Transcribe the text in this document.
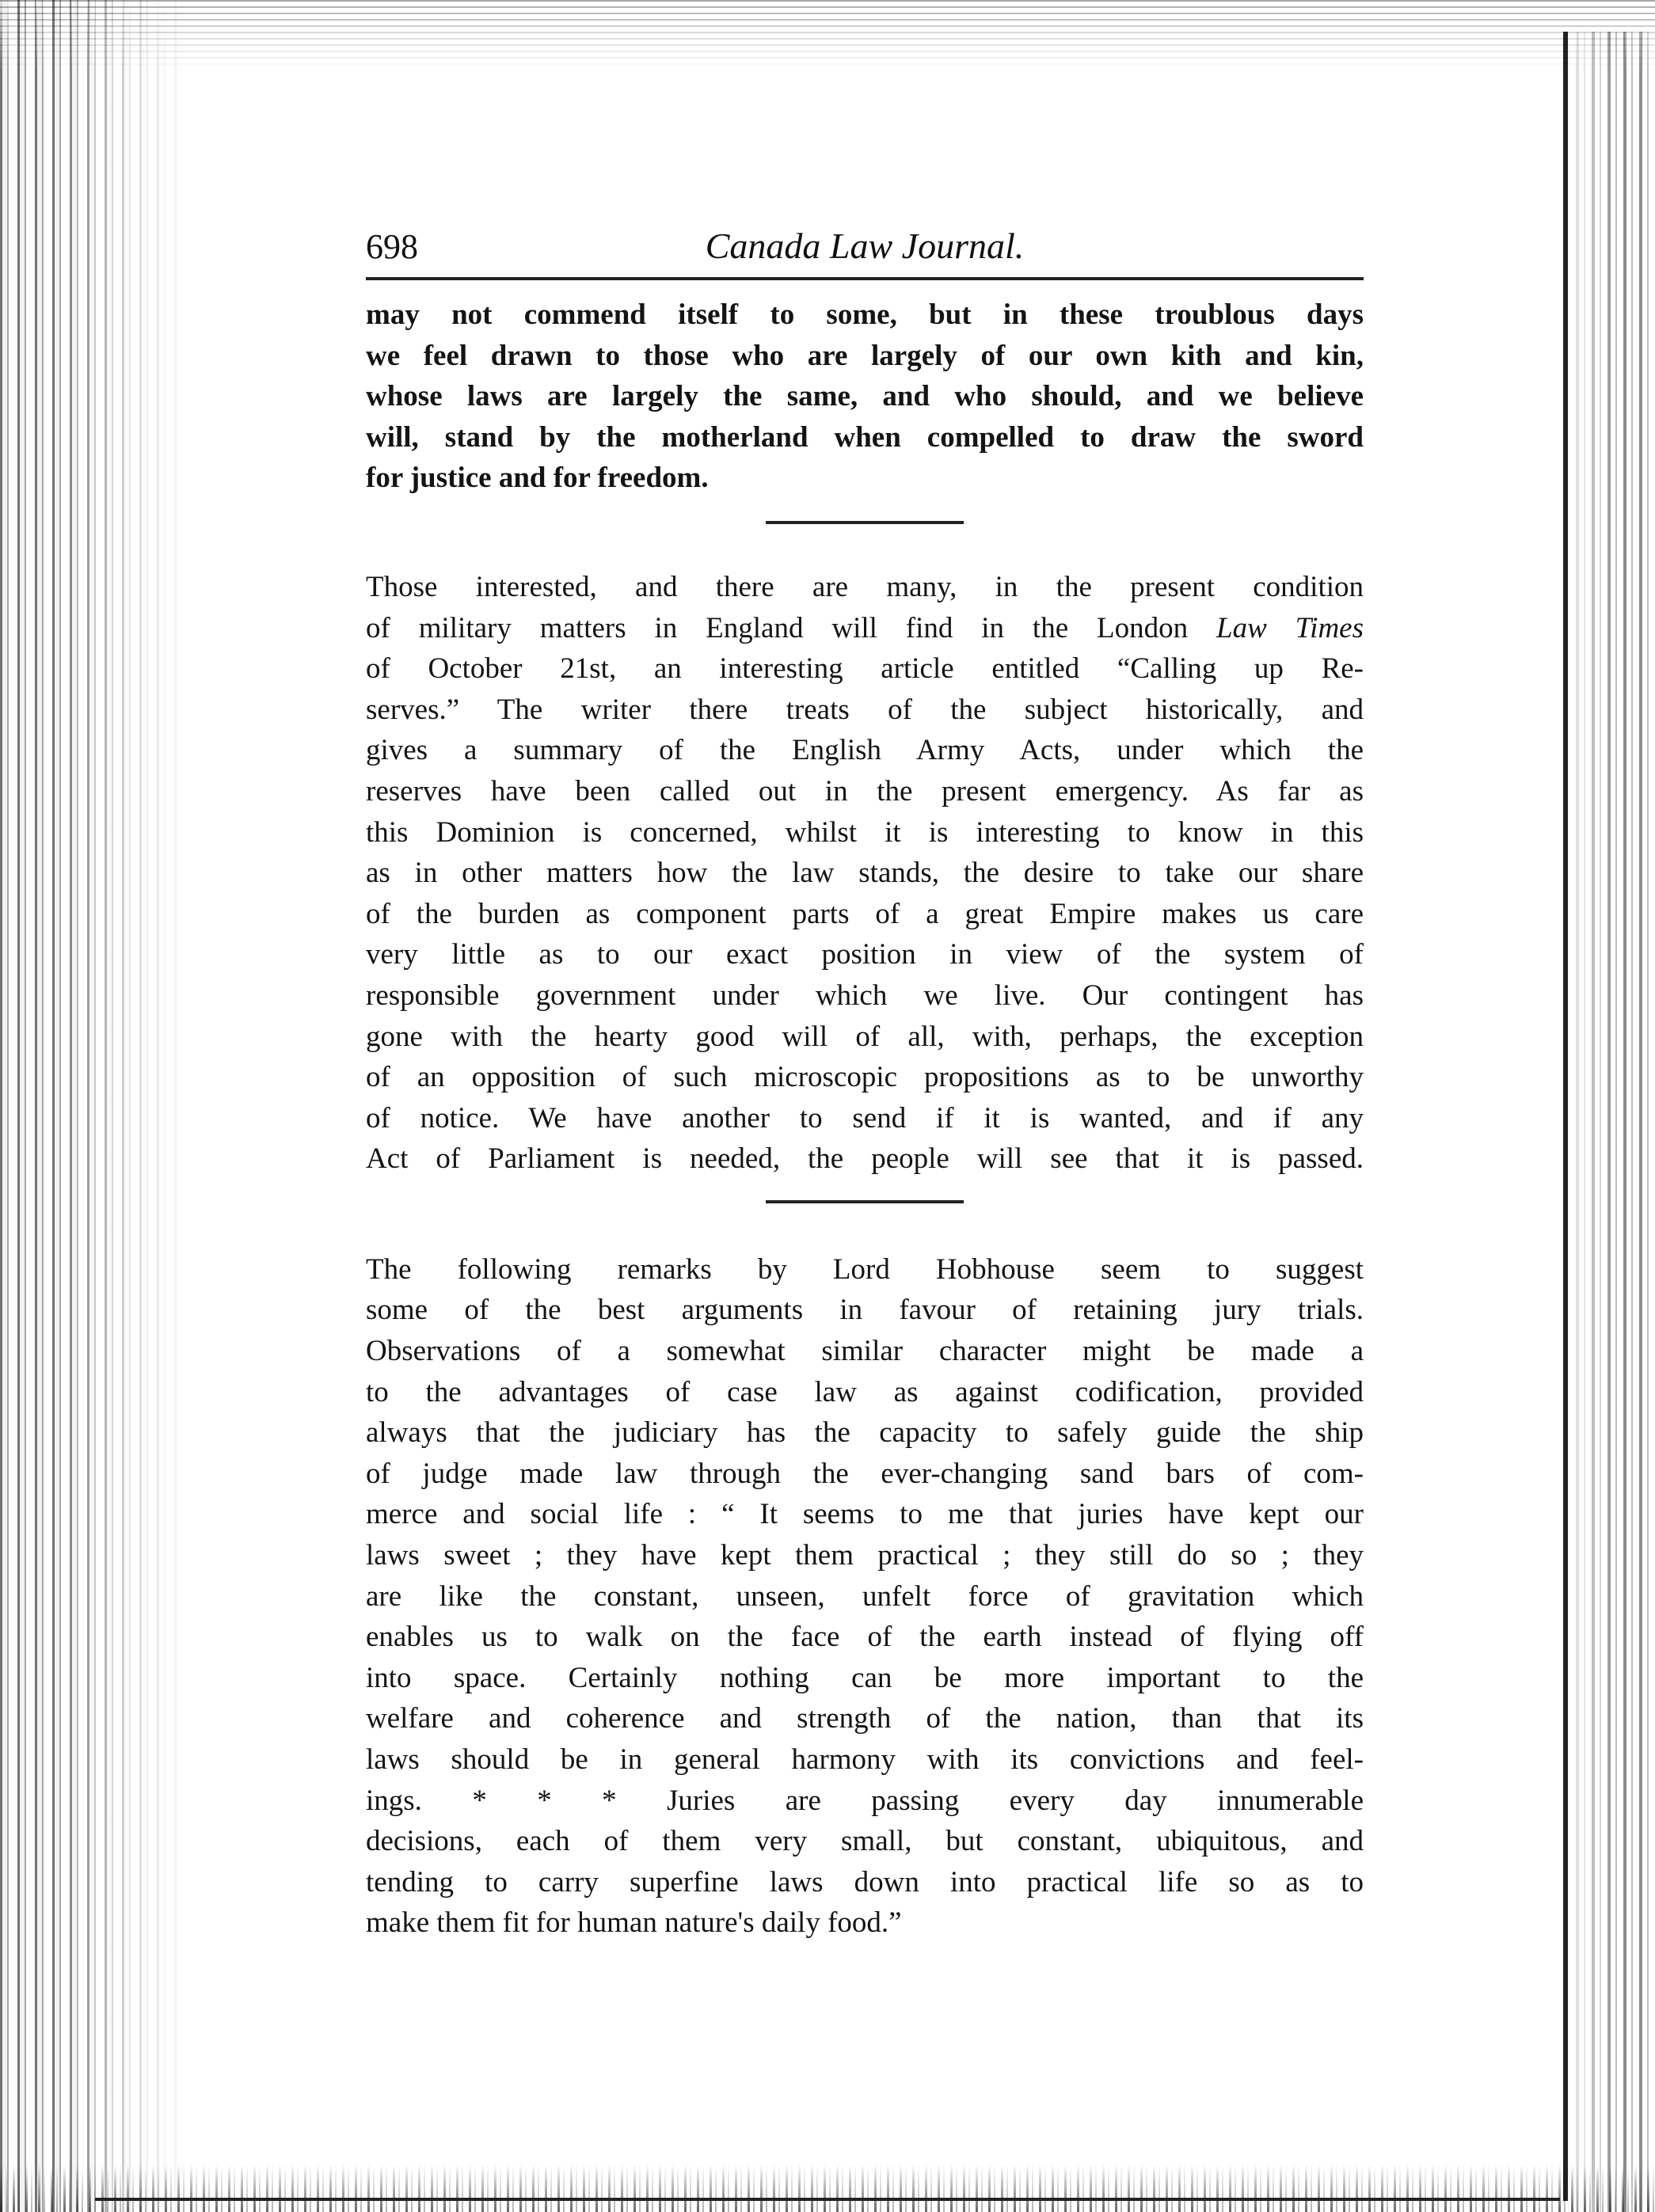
698	Canada Law Journal.
may not commend itself to some, but in these troublous days
we feel drawn to those who are largely of our own kith and kin,
whose laws are largely the same, and who should, and we believe
will, stand by the motherland when compelled to draw the sword
for justice and for freedom.
Those interested, and there are many, in the present condition
of military matters in England will find in the London Law Times
of October 21st, an interesting article entitled “Calling up Re-
serves.” The writer there treats of the subject historically, and
gives a summary of the English Army Acts, under which the
reserves have been called out in the present emergency. As far as
this Dominion is concerned, whilst it is interesting to know in this
as in other matters how the law stands, the desire to take our share
of the burden as component parts of a great Empire makes us care
very little as to our exact position in view of the system of
responsible government under which we live. Our contingent has
gone with the hearty good will of all, with, perhaps, the exception
of an opposition of such microscopic propositions as to be unworthy
of notice. We have another to send if it is wanted, and if any
Act of Parliament is needed, the people will see that it is passed.
The following remarks by Lord Hobhouse seem to suggest
some of the best arguments in favour of retaining jury trials.
Observations of a somewhat similar character might be made a
to the advantages of case law as against codification, provided
always that the judiciary has the capacity to safely guide the ship
of judge made law through the ever-changing sand bars of com-
merce and social life : “ It seems to me that juries have kept our
laws sweet ; they have kept them practical ; they still do so ; they
are like the constant, unseen, unfelt force of gravitation which
enables us to walk on the face of the earth instead of flying off
into space. Certainly nothing can be more important to the
welfare and coherence and strength of the nation, than that its
laws should be in general harmony with its convictions and feel-
ings. * * * Juries are passing every day innumerable
decisions, each of them very small, but constant, ubiquitous, and
tending to carry superfine laws down into practical life so as to
make them fit for human nature's daily food.”
